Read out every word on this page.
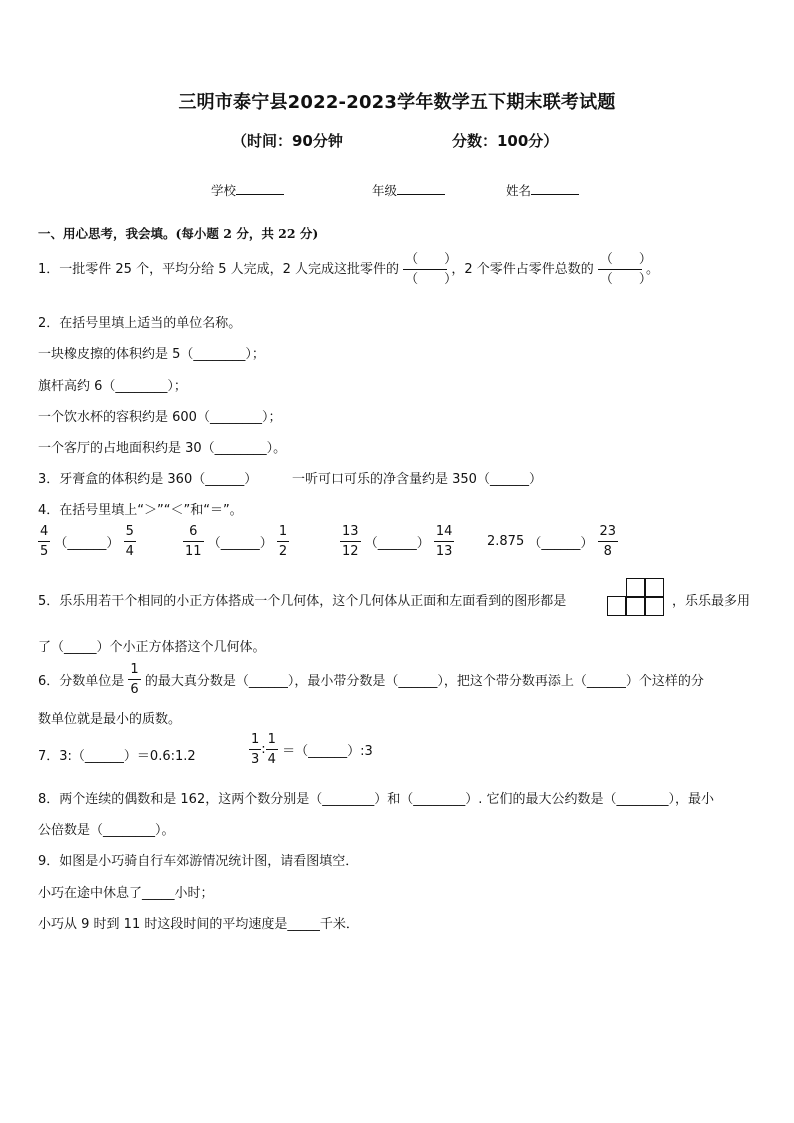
三明市泰宁县2022-2023学年数学五下期末联考试题
（时间：90分钟	分数：100分）
学校	年级	姓名
一、用心思考，我会填。(每小题 2 分，共 22 分)
1．一批零件 25 个，平均分给 5 人完成，2 人完成这批零件的 $\frac{( )}{( )}$ ，2 个零件占零件总数的 $\frac{( )}{( )}$ 。
2．在括号里填上适当的单位名称。
一块橡皮擦的体积约是 5（________）；
旗杆高约 6（________）；
一个饮水杯的容积约是 600（________）；
一个客厅的占地面积约是 30（________）。
3．牙膏盒的体积约是 360（______）	一听可口可乐的净含量约是 350（______）
4．在括号里填上“＞”“＜”和“＝”。
$\frac{4}{5}$ （______） $\frac{5}{4}$	$\frac{6}{11}$ （______） $\frac{1}{2}$	$\frac{13}{12}$ （______） $\frac{14}{13}$	2.875 （______） $\frac{23}{8}$
5．乐乐用若干个相同的小正方体搭成一个几何体，这个几何体从正面和左面看到的图形都是	，乐乐最多用
了（_____）个小正方体搭这个几何体。
6．分数单位是 $\frac{1}{6}$ 的最大真分数是（______），最小带分数是（______），把这个带分数再添上（______）个这样的分
数单位就是最小的质数。
7．3:（______）＝0.6:1.2	$\frac{1}{3}$ : $\frac{1}{4}$ ＝（______）:3
8．两个连续的偶数和是 162，这两个数分别是（________）和（________）. 它们的最大公约数是（________），最小
公倍数是（________）。
9．如图是小巧骑自行车郊游情况统计图，请看图填空．
小巧在途中休息了_____小时；
小巧从 9 时到 11 时这段时间的平均速度是_____千米．
